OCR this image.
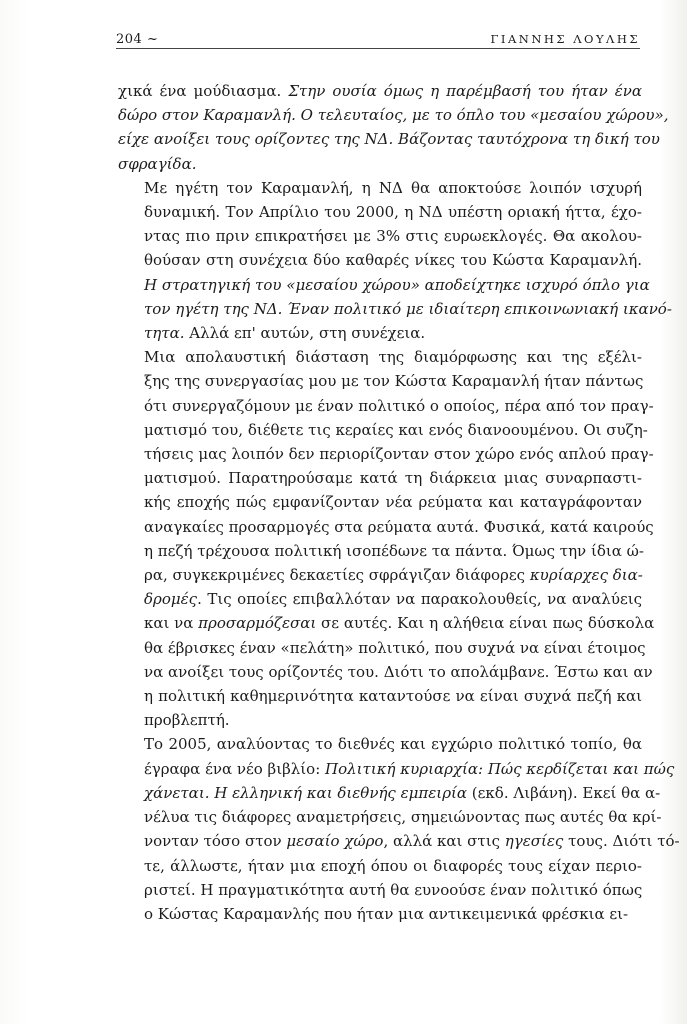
204 ~	ΓΙΑΝΝΗΣ ΛΟΥΛΗΣ

χικά ένα μούδιασμα. Στην ουσία όμως η παρέμβασή του ήταν ένα
δώρο στον Καραμανλή. Ο τελευταίος, με το όπλο του «μεσαίου χώρου»,
είχε ανοίξει τους ορίζοντες της ΝΔ. Βάζοντας ταυτόχρονα τη δική του
σφραγίδα.

Με ηγέτη τον Καραμανλή, η ΝΔ θα αποκτούσε λοιπόν ισχυρή
δυναμική. Τον Απρίλιο του 2000, η ΝΔ υπέστη οριακή ήττα, έχο-
ντας πιο πριν επικρατήσει με 3% στις ευρωεκλογές. Θα ακολου-
θούσαν στη συνέχεια δύο καθαρές νίκες του Κώστα Καραμανλή.
Η στρατηγική του «μεσαίου χώρου» αποδείχτηκε ισχυρό όπλο για
τον ηγέτη της ΝΔ. Έναν πολιτικό με ιδιαίτερη επικοινωνιακή ικανό-
τητα. Αλλά επ' αυτών, στη συνέχεια.

Μια απολαυστική διάσταση της διαμόρφωσης και της εξέλι-
ξης της συνεργασίας μου με τον Κώστα Καραμανλή ήταν πάντως
ότι συνεργαζόμουν με έναν πολιτικό ο οποίος, πέρα από τον πραγ-
ματισμό του, διέθετε τις κεραίες και ενός διανοουμένου. Οι συζη-
τήσεις μας λοιπόν δεν περιορίζονταν στον χώρο ενός απλού πραγ-
ματισμού. Παρατηρούσαμε κατά τη διάρκεια μιας συναρπαστι-
κής εποχής πώς εμφανίζονταν νέα ρεύματα και καταγράφονταν
αναγκαίες προσαρμογές στα ρεύματα αυτά. Φυσικά, κατά καιρούς
η πεζή τρέχουσα πολιτική ισοπέδωνε τα πάντα. Όμως την ίδια ώ-
ρα, συγκεκριμένες δεκαετίες σφράγιζαν διάφορες κυρίαρχες δια-
δρομές. Τις οποίες επιβαλλόταν να παρακολουθείς, να αναλύεις
και να προσαρμόζεσαι σε αυτές. Και η αλήθεια είναι πως δύσκολα
θα έβρισκες έναν «πελάτη» πολιτικό, που συχνά να είναι έτοιμος
να ανοίξει τους ορίζοντές του. Διότι το απολάμβανε. Έστω και αν
η πολιτική καθημερινότητα καταντούσε να είναι συχνά πεζή και
προβλεπτή.

Το 2005, αναλύοντας το διεθνές και εγχώριο πολιτικό τοπίο, θα
έγραφα ένα νέο βιβλίο: Πολιτική κυριαρχία: Πώς κερδίζεται και πώς
χάνεται. Η ελληνική και διεθνής εμπειρία (εκδ. Λιβάνη). Εκεί θα α-
νέλυα τις διάφορες αναμετρήσεις, σημειώνοντας πως αυτές θα κρί-
νονταν τόσο στον μεσαίο χώρο, αλλά και στις ηγεσίες τους. Διότι τό-
τε, άλλωστε, ήταν μια εποχή όπου οι διαφορές τους είχαν περιο-
ριστεί. Η πραγματικότητα αυτή θα ευνοούσε έναν πολιτικό όπως
ο Κώστας Καραμανλής που ήταν μια αντικειμενικά φρέσκια ει-
